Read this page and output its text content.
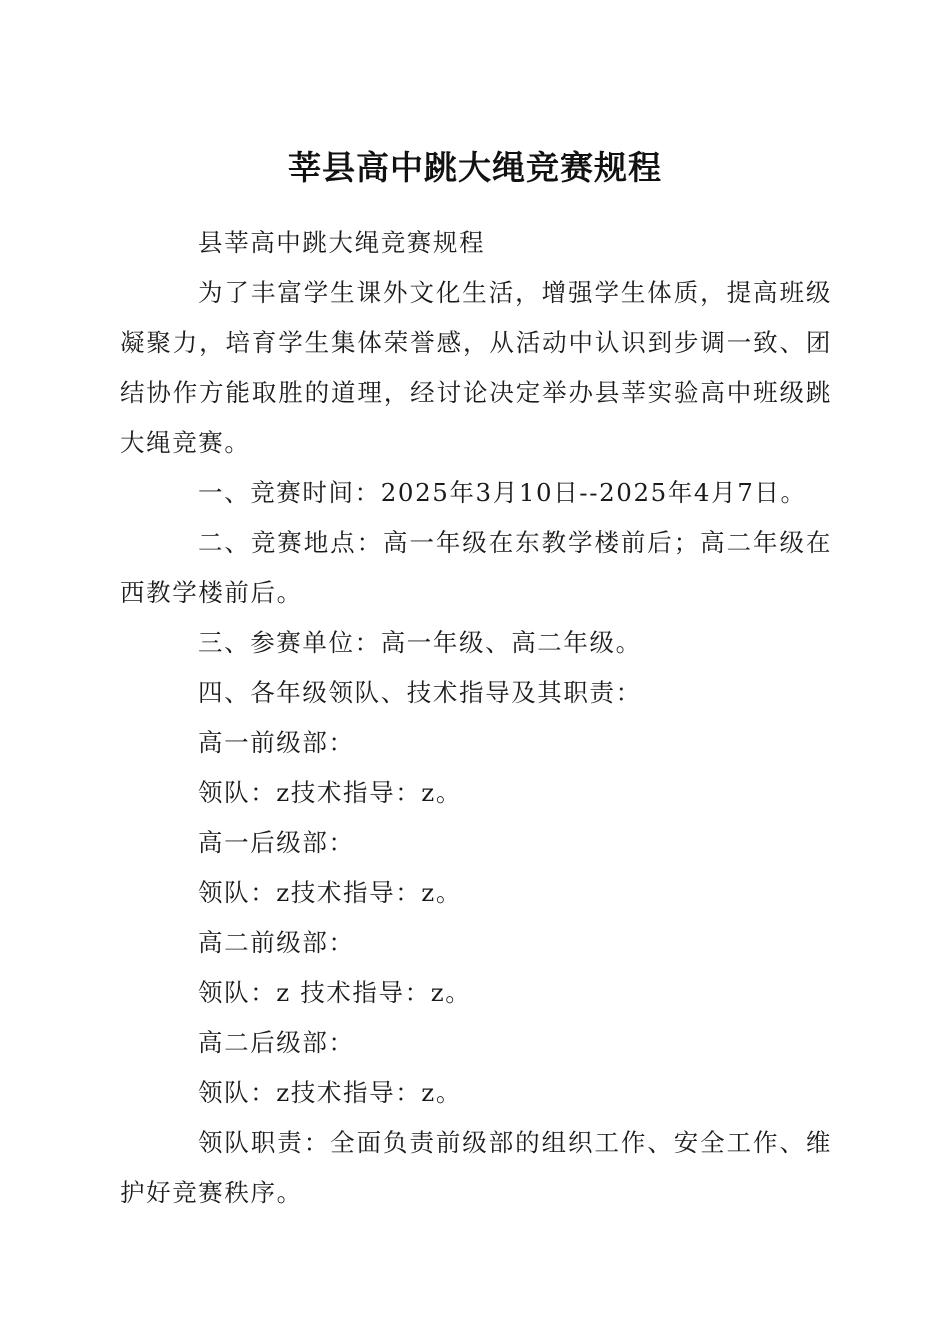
莘县高中跳大绳竞赛规程

县莘高中跳大绳竞赛规程

为了丰富学生课外文化生活，增强学生体质，提高班级凝聚力，培育学生集体荣誉感，从活动中认识到步调一致、团结协作方能取胜的道理，经讨论决定举办县莘实验高中班级跳大绳竞赛。

一、竞赛时间：2025年3月10日--2025年4月7日。

二、竞赛地点：高一年级在东教学楼前后；高二年级在西教学楼前后。

三、参赛单位：高一年级、高二年级。

四、各年级领队、技术指导及其职责：

高一前级部：

领队：z技术指导：z。

高一后级部：

领队：z技术指导：z。

高二前级部：

领队：z 技术指导：z。

高二后级部：

领队：z技术指导：z。

领队职责：全面负责前级部的组织工作、安全工作、维护好竞赛秩序。
